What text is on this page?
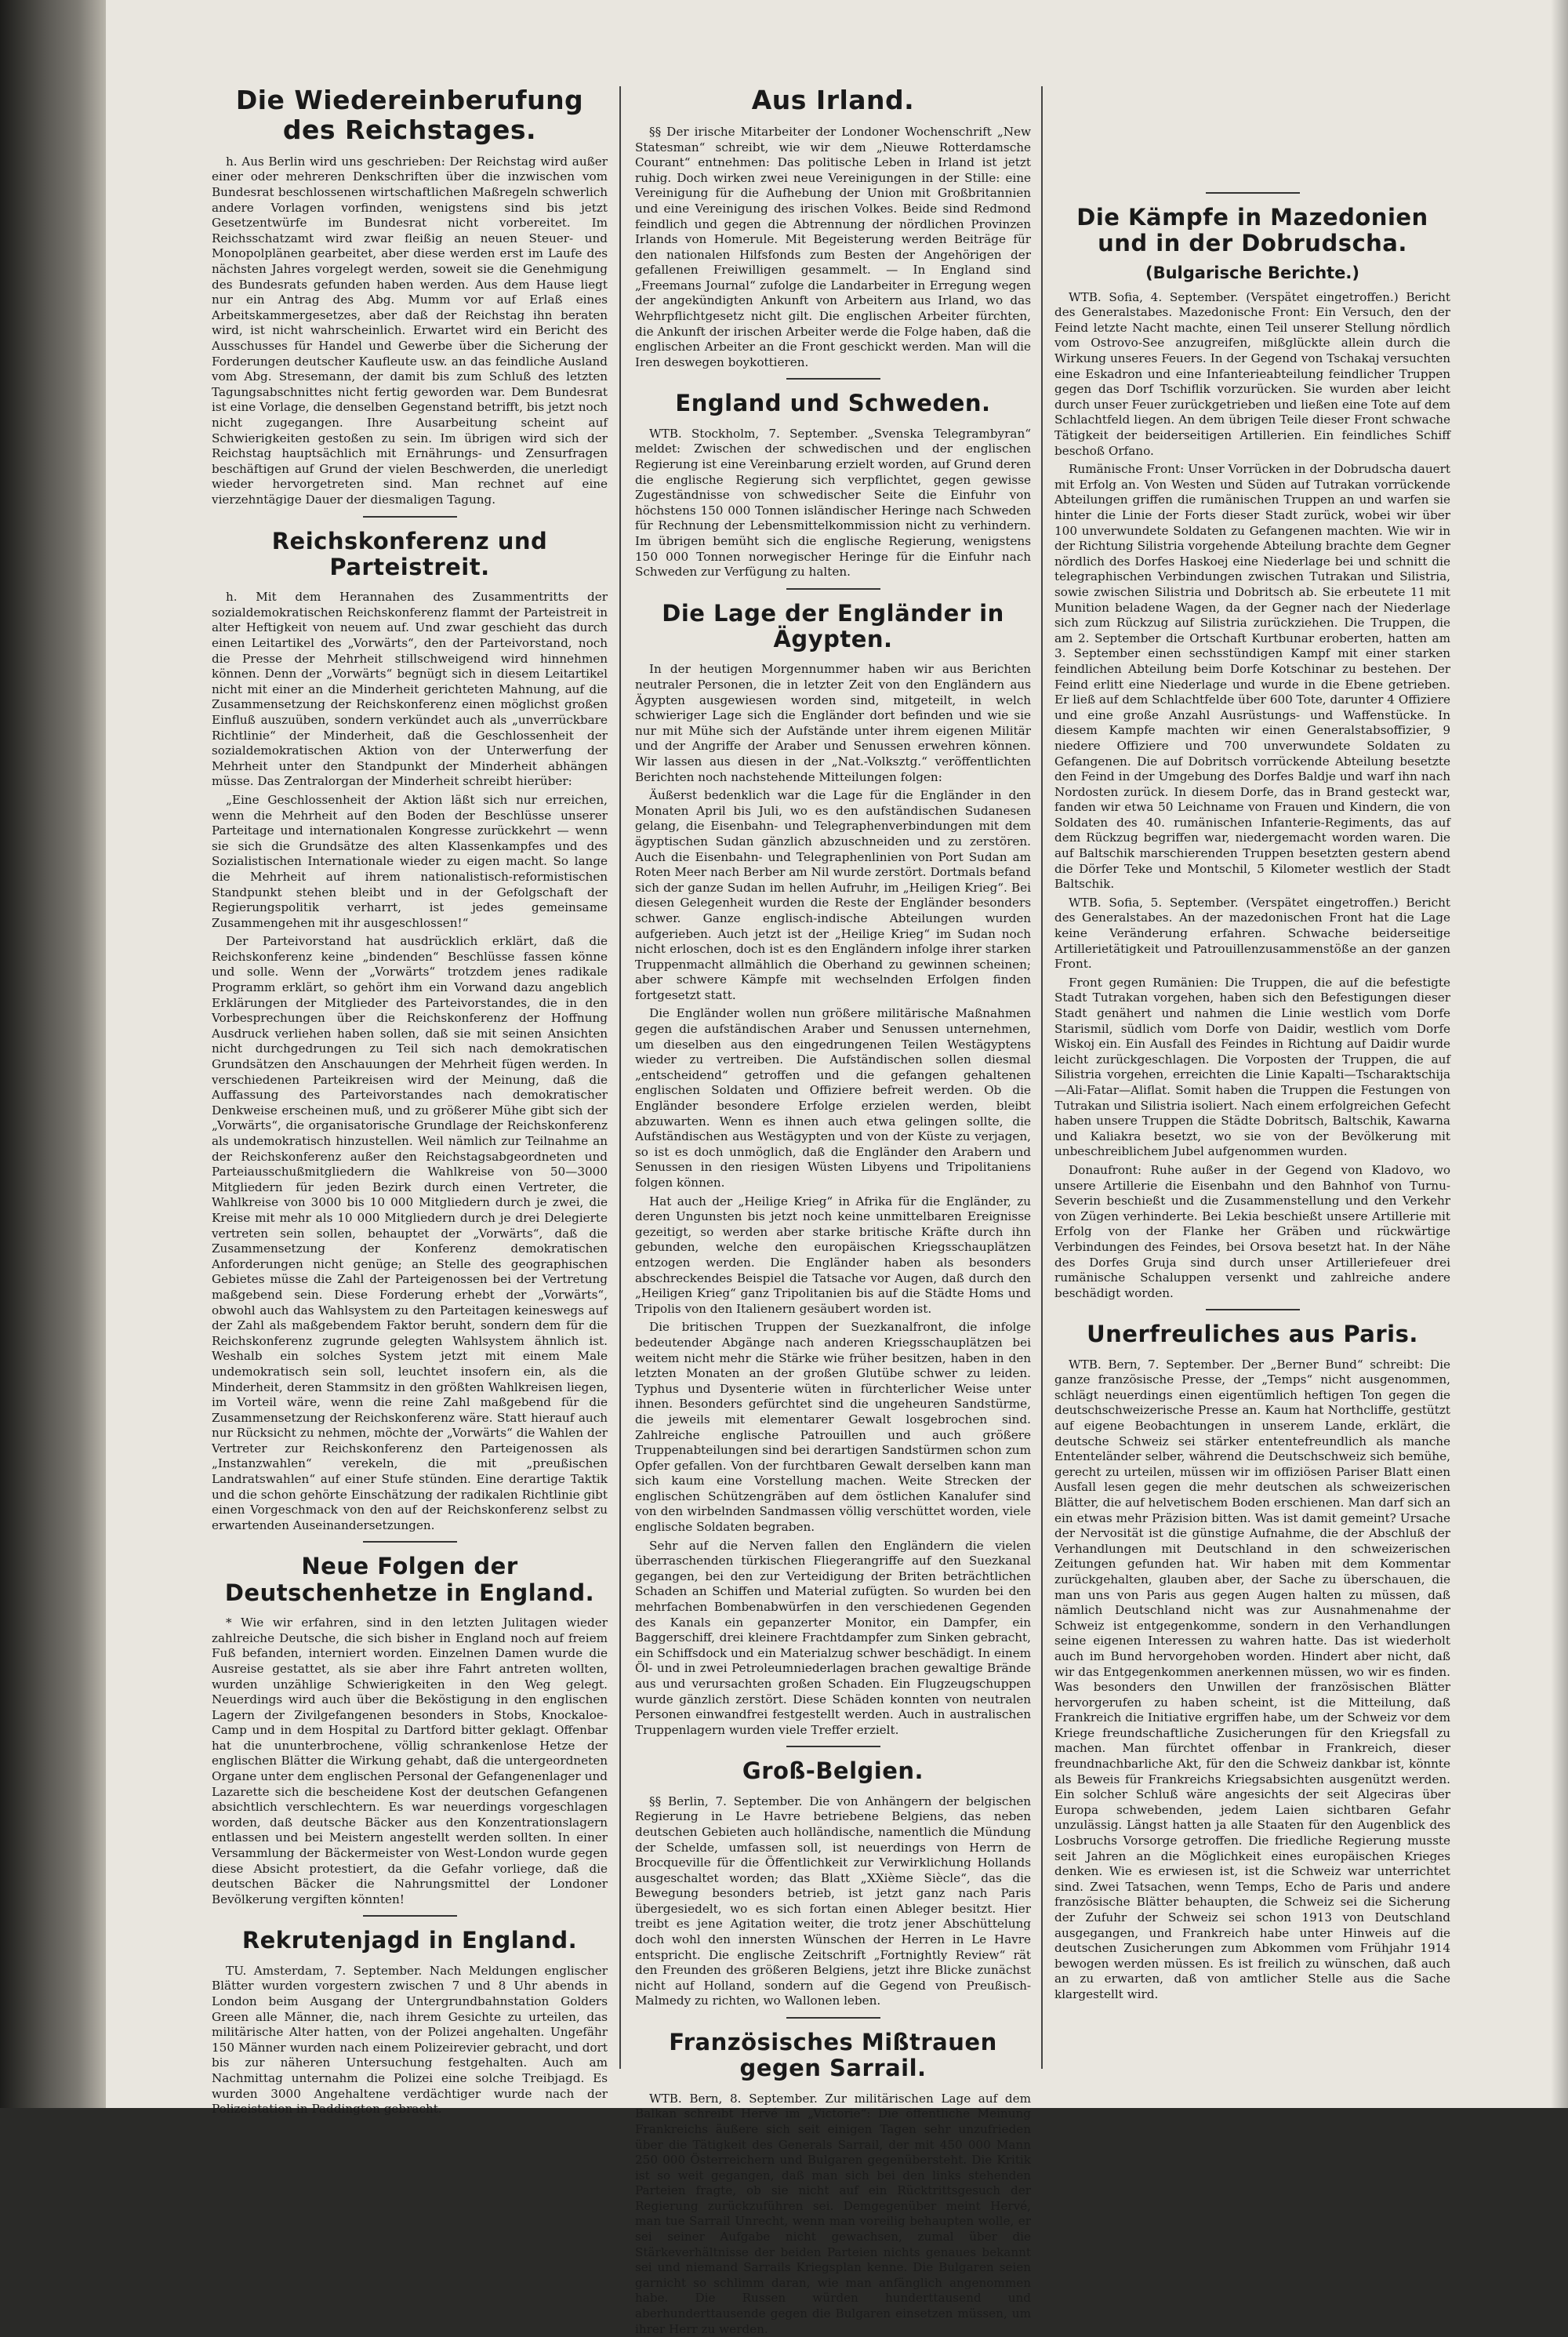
Die Wiedereinberufung des Reichstages.

h. Aus Berlin wird uns geschrieben: Der Reichstag wird außer einer oder mehreren Denkschriften über die inzwischen vom Bundesrat beschlossenen wirtschaftlichen Maßregeln schwerlich andere Vorlagen vorfinden, wenigstens sind bis jetzt Gesetzentwürfe im Bundesrat nicht vorbereitet. Im Reichsschatzamt wird zwar fleißig an neuen Steuer- und Monopolplänen gearbeitet, aber diese werden erst im Laufe des nächsten Jahres vorgelegt werden, soweit sie die Genehmigung des Bundesrats gefunden haben werden. Aus dem Hause liegt nur ein Antrag des Abg. Mumm vor auf Erlaß eines Arbeitskammergesetzes, aber daß der Reichstag ihn beraten wird, ist nicht wahrscheinlich. Erwartet wird ein Bericht des Ausschusses für Handel und Gewerbe über die Sicherung der Forderungen deutscher Kaufleute usw. an das feindliche Ausland vom Abg. Stresemann, der damit bis zum Schluß des letzten Tagungsabschnittes nicht fertig geworden war. Dem Bundesrat ist eine Vorlage, die denselben Gegenstand betrifft, bis jetzt noch nicht zugegangen. Ihre Ausarbeitung scheint auf Schwierigkeiten gestoßen zu sein. Im übrigen wird sich der Reichstag hauptsächlich mit Ernährungs- und Zensurfragen beschäftigen auf Grund der vielen Beschwerden, die unerledigt wieder hervorgetreten sind. Man rechnet auf eine vierzehntägige Dauer der diesmaligen Tagung.

Reichskonferenz und Parteistreit.

h. Mit dem Herannahen des Zusammentritts der sozialdemokratischen Reichskonferenz flammt der Parteistreit in alter Heftigkeit von neuem auf. Und zwar geschieht das durch einen Leitartikel des „Vorwärts“, den der Parteivorstand, noch die Presse der Mehrheit stillschweigend wird hinnehmen können. Denn der „Vorwärts“ begnügt sich in diesem Leitartikel nicht mit einer an die Minderheit gerichteten Mahnung, auf die Zusammensetzung der Reichskonferenz einen möglichst großen Einfluß auszuüben, sondern verkündet auch als „unverrückbare Richtlinie“ der Minderheit, daß die Geschlossenheit der sozialdemokratischen Aktion von der Unterwerfung der Mehrheit unter den Standpunkt der Minderheit abhängen müsse. Das Zentralorgan der Minderheit schreibt hierüber:

„Eine Geschlossenheit der Aktion läßt sich nur erreichen, wenn die Mehrheit auf den Boden der Beschlüsse unserer Parteitage und internationalen Kongresse zurückkehrt — wenn sie sich die Grundsätze des alten Klassenkampfes und des Sozialistischen Internationale wieder zu eigen macht. So lange die Mehrheit auf ihrem nationalistisch-reformistischen Standpunkt stehen bleibt und in der Gefolgschaft der Regierungspolitik verharrt, ist jedes gemeinsame Zusammengehen mit ihr ausgeschlossen!“

Der Parteivorstand hat ausdrücklich erklärt, daß die Reichskonferenz keine „bindenden“ Beschlüsse fassen könne und solle. Wenn der „Vorwärts“ trotzdem jenes radikale Programm erklärt, so gehört ihm ein Vorwand dazu angeblich Erklärungen der Mitglieder des Parteivorstandes, die in den Vorbesprechungen über die Reichskonferenz der Hoffnung Ausdruck verliehen haben sollen, daß sie mit seinen Ansichten nicht durchgedrungen zu Teil sich nach demokratischen Grundsätzen den Anschauungen der Mehrheit fügen werden. In verschiedenen Parteikreisen wird der Meinung, daß die Auffassung des Parteivorstandes nach demokratischer Denkweise erscheinen muß, und zu größerer Mühe gibt sich der „Vorwärts“, die organisatorische Grundlage der Reichskonferenz als undemokratisch hinzustellen. Weil nämlich zur Teilnahme an der Reichskonferenz außer den Reichstagsabgeordneten und Parteiausschußmitgliedern die Wahlkreise von 50—3000 Mitgliedern für jeden Bezirk durch einen Vertreter, die Wahlkreise von 3000 bis 10 000 Mitgliedern durch je zwei, die Kreise mit mehr als 10 000 Mitgliedern durch je drei Delegierte vertreten sein sollen, behauptet der „Vorwärts“, daß die Zusammensetzung der Konferenz demokratischen Anforderungen nicht genüge; an Stelle des geographischen Gebietes müsse die Zahl der Parteigenossen bei der Vertretung maßgebend sein. Diese Forderung erhebt der „Vorwärts“, obwohl auch das Wahlsystem zu den Parteitagen keineswegs auf der Zahl als maßgebendem Faktor beruht, sondern dem für die Reichskonferenz zugrunde gelegten Wahlsystem ähnlich ist. Weshalb ein solches System jetzt mit einem Male undemokratisch sein soll, leuchtet insofern ein, als die Minderheit, deren Stammsitz in den größten Wahlkreisen liegen, im Vorteil wäre, wenn die reine Zahl maßgebend für die Zusammensetzung der Reichskonferenz wäre. Statt hierauf auch nur Rücksicht zu nehmen, möchte der „Vorwärts“ die Wahlen der Vertreter zur Reichskonferenz den Parteigenossen als „Instanzwahlen“ verekeln, die mit „preußischen Landratswahlen“ auf einer Stufe stünden. Eine derartige Taktik und die schon gehörte Einschätzung der radikalen Richtlinie gibt einen Vorgeschmack von den auf der Reichskonferenz selbst zu erwartenden Auseinandersetzungen.

Neue Folgen der Deutschenhetze in England.

* Wie wir erfahren, sind in den letzten Julitagen wieder zahlreiche Deutsche, die sich bisher in England noch auf freiem Fuß befanden, interniert worden. Einzelnen Damen wurde die Ausreise gestattet, als sie aber ihre Fahrt antreten wollten, wurden unzählige Schwierigkeiten in den Weg gelegt. Neuerdings wird auch über die Beköstigung in den englischen Lagern der Zivilgefangenen besonders in Stobs, Knockaloe-Camp und in dem Hospital zu Dartford bitter geklagt. Offenbar hat die ununterbrochene, völlig schrankenlose Hetze der englischen Blätter die Wirkung gehabt, daß die untergeordneten Organe unter dem englischen Personal der Gefangenenlager und Lazarette sich die bescheidene Kost der deutschen Gefangenen absichtlich verschlechtern. Es war neuerdings vorgeschlagen worden, daß deutsche Bäcker aus den Konzentrationslagern entlassen und bei Meistern angestellt werden sollten. In einer Versammlung der Bäckermeister von West-London wurde gegen diese Absicht protestiert, da die Gefahr vorliege, daß die deutschen Bäcker die Nahrungsmittel der Londoner Bevölkerung vergiften könnten!

Rekrutenjagd in England.

TU. Amsterdam, 7. September. Nach Meldungen englischer Blätter wurden vorgestern zwischen 7 und 8 Uhr abends in London beim Ausgang der Untergrundbahnstation Golders Green alle Männer, die, nach ihrem Gesichte zu urteilen, das militärische Alter hatten, von der Polizei angehalten. Ungefähr 150 Männer wurden nach einem Polizeirevier gebracht, und dort bis zur näheren Untersuchung festgehalten. Auch am Nachmittag unternahm die Polizei eine solche Treibjagd. Es wurden 3000 Angehaltene verdächtiger wurde nach der Polizeistation in Paddington gebracht.

Aus Irland.

§§ Der irische Mitarbeiter der Londoner Wochenschrift „New Statesman“ schreibt, wie wir dem „Nieuwe Rotterdamsche Courant“ entnehmen: Das politische Leben in Irland ist jetzt ruhig. Doch wirken zwei neue Vereinigungen in der Stille: eine Vereinigung für die Aufhebung der Union mit Großbritannien und eine Vereinigung des irischen Volkes. Beide sind Redmond feindlich und gegen die Abtrennung der nördlichen Provinzen Irlands von Homerule. Mit Begeisterung werden Beiträge für den nationalen Hilfsfonds zum Besten der Angehörigen der gefallenen Freiwilligen gesammelt. — In England sind „Freemans Journal“ zufolge die Landarbeiter in Erregung wegen der angekündigten Ankunft von Arbeitern aus Irland, wo das Wehrpflichtgesetz nicht gilt. Die englischen Arbeiter fürchten, die Ankunft der irischen Arbeiter werde die Folge haben, daß die englischen Arbeiter an die Front geschickt werden. Man will die Iren deswegen boykottieren.

England und Schweden.

WTB. Stockholm, 7. September. „Svenska Telegrambyran“ meldet: Zwischen der schwedischen und der englischen Regierung ist eine Vereinbarung erzielt worden, auf Grund deren die englische Regierung sich verpflichtet, gegen gewisse Zugeständnisse von schwedischer Seite die Einfuhr von höchstens 150 000 Tonnen isländischer Heringe nach Schweden für Rechnung der Lebensmittelkommission nicht zu verhindern. Im übrigen bemüht sich die englische Regierung, wenigstens 150 000 Tonnen norwegischer Heringe für die Einfuhr nach Schweden zur Verfügung zu halten.

Die Lage der Engländer in Ägypten.

In der heutigen Morgennummer haben wir aus Berichten neutraler Personen, die in letzter Zeit von den Engländern aus Ägypten ausgewiesen worden sind, mitgeteilt, in welch schwieriger Lage sich die Engländer dort befinden und wie sie nur mit Mühe sich der Aufstände unter ihrem eigenen Militär und der Angriffe der Araber und Senussen erwehren können. Wir lassen aus diesen in der „Nat.-Volksztg.“ veröffentlichten Berichten noch nachstehende Mitteilungen folgen:

Äußerst bedenklich war die Lage für die Engländer in den Monaten April bis Juli, wo es den aufständischen Sudanesen gelang, die Eisenbahn- und Telegraphenverbindungen mit dem ägyptischen Sudan gänzlich abzuschneiden und zu zerstören. Auch die Eisenbahn- und Telegraphenlinien von Port Sudan am Roten Meer nach Berber am Nil wurde zerstört. Dortmals befand sich der ganze Sudan im hellen Aufruhr, im „Heiligen Krieg“. Bei diesen Gelegenheit wurden die Reste der Engländer besonders schwer. Ganze englisch-indische Abteilungen wurden aufgerieben. Auch jetzt ist der „Heilige Krieg“ im Sudan noch nicht erloschen, doch ist es den Engländern infolge ihrer starken Truppenmacht allmählich die Oberhand zu gewinnen scheinen; aber schwere Kämpfe mit wechselnden Erfolgen finden fortgesetzt statt.

Die Engländer wollen nun größere militärische Maßnahmen gegen die aufständischen Araber und Senussen unternehmen, um dieselben aus den eingedrungenen Teilen Westägyptens wieder zu vertreiben. Die Aufständischen sollen diesmal „entscheidend“ getroffen und die gefangen gehaltenen englischen Soldaten und Offiziere befreit werden. Ob die Engländer besondere Erfolge erzielen werden, bleibt abzuwarten. Wenn es ihnen auch etwa gelingen sollte, die Aufständischen aus Westägypten und von der Küste zu verjagen, so ist es doch unmöglich, daß die Engländer den Arabern und Senussen in den riesigen Wüsten Libyens und Tripolitaniens folgen können.

Hat auch der „Heilige Krieg“ in Afrika für die Engländer, zu deren Ungunsten bis jetzt noch keine unmittelbaren Ereignisse gezeitigt, so werden aber starke britische Kräfte durch ihn gebunden, welche den europäischen Kriegsschauplätzen entzogen werden. Die Engländer haben als besonders abschreckendes Beispiel die Tatsache vor Augen, daß durch den „Heiligen Krieg“ ganz Tripolitanien bis auf die Städte Homs und Tripolis von den Italienern gesäubert worden ist.

Die britischen Truppen der Suezkanalfront, die infolge bedeutender Abgänge nach anderen Kriegsschauplätzen bei weitem nicht mehr die Stärke wie früher besitzen, haben in den letzten Monaten an der großen Glutübe schwer zu leiden. Typhus und Dysenterie wüten in fürchterlicher Weise unter ihnen. Besonders gefürchtet sind die ungeheuren Sandstürme, die jeweils mit elementarer Gewalt losgebrochen sind. Zahlreiche englische Patrouillen und auch größere Truppenabteilungen sind bei derartigen Sandstürmen schon zum Opfer gefallen. Von der furchtbaren Gewalt derselben kann man sich kaum eine Vorstellung machen. Weite Strecken der englischen Schützengräben auf dem östlichen Kanalufer sind von den wirbelnden Sandmassen völlig verschüttet worden, viele englische Soldaten begraben.

Sehr auf die Nerven fallen den Engländern die vielen überraschenden türkischen Fliegerangriffe auf den Suezkanal gegangen, bei den zur Verteidigung der Briten beträchtlichen Schaden an Schiffen und Material zufügten. So wurden bei den mehrfachen Bombenabwürfen in den verschiedenen Gegenden des Kanals ein gepanzerter Monitor, ein Dampfer, ein Baggerschiff, drei kleinere Frachtdampfer zum Sinken gebracht, ein Schiffsdock und ein Materialzug schwer beschädigt. In einem Öl- und in zwei Petroleumniederlagen brachen gewaltige Brände aus und verursachten großen Schaden. Ein Flugzeugschuppen wurde gänzlich zerstört. Diese Schäden konnten von neutralen Personen einwandfrei festgestellt werden. Auch in australischen Truppenlagern wurden viele Treffer erzielt.

Groß-Belgien.

§§ Berlin, 7. September. Die von Anhängern der belgischen Regierung in Le Havre betriebene Belgiens, das neben deutschen Gebieten auch holländische, namentlich die Mündung der Schelde, umfassen soll, ist neuerdings von Herrn de Brocqueville für die Öffentlichkeit zur Verwirklichung Hollands ausgeschaltet worden; das Blatt „XXième Siècle“, das die Bewegung besonders betrieb, ist jetzt ganz nach Paris übergesiedelt, wo es sich fortan einen Ableger besitzt. Hier treibt es jene Agitation weiter, die trotz jener Abschüttelung doch wohl den innersten Wünschen der Herren in Le Havre entspricht. Die englische Zeitschrift „Fortnightly Review“ rät den Freunden des größeren Belgiens, jetzt ihre Blicke zunächst nicht auf Holland, sondern auf die Gegend von Preußisch-Malmedy zu richten, wo Wallonen leben.

Französisches Mißtrauen gegen Sarrail.

WTB. Bern, 8. September. Zur militärischen Lage auf dem Balkan schreibt Hervé im „Victorie“: Die öffentliche Meinung Frankreichs äußere sich seit einigen Tagen sehr unzufrieden über die Tätigkeit des Generals Sarrail, der mit 450 000 Mann 250 000 Österreichern und Bulgaren gegenübersteht. Die Kritik ist so weit gegangen, daß man sich bei den links stehenden Parteien fragte, ob sie nicht auf ein Rücktrittsgesuch der Regierung zurückzuführen sei. Demgegenüber meint Hervé, man tue Sarrail Unrecht, wenn man voreilig behaupten wolle, er sei seiner Aufgabe nicht gewachsen, zumal über die Stärkeverhältnisse der beiden Parteien nichts genaues bekannt sei und niemand Sarrails Kriegsplan kenne. Die Bulgaren seien garnicht so schlimm daran, wie man anfänglich angenommen habe. Die Russen würden hunderttausend und aberhunderttausende gegen die Bulgaren einsetzen müssen, um ihrer Herr zu werden.

Die Kämpfe in Mazedonien und in der Dobrudscha.
(Bulgarische Berichte.)

WTB. Sofia, 4. September. (Verspätet eingetroffen.) Bericht des Generalstabes. Mazedonische Front: Ein Versuch, den der Feind letzte Nacht machte, einen Teil unserer Stellung nördlich vom Ostrovo-See anzugreifen, mißglückte allein durch die Wirkung unseres Feuers. In der Gegend von Tschakaj versuchten eine Eskadron und eine Infanterieabteilung feindlicher Truppen gegen das Dorf Tschiflik vorzurücken. Sie wurden aber leicht durch unser Feuer zurückgetrieben und ließen eine Tote auf dem Schlachtfeld liegen. An dem übrigen Teile dieser Front schwache Tätigkeit der beiderseitigen Artillerien. Ein feindliches Schiff beschoß Orfano.

Rumänische Front: Unser Vorrücken in der Dobrudscha dauert mit Erfolg an. Von Westen und Süden auf Tutrakan vorrückende Abteilungen griffen die rumänischen Truppen an und warfen sie hinter die Linie der Forts dieser Stadt zurück, wobei wir über 100 unverwundete Soldaten zu Gefangenen machten. Wie wir in der Richtung Silistria vorgehende Abteilung brachte dem Gegner nördlich des Dorfes Haskoej eine Niederlage bei und schnitt die telegraphischen Verbindungen zwischen Tutrakan und Silistria, sowie zwischen Silistria und Dobritsch ab. Sie erbeutete 11 mit Munition beladene Wagen, da der Gegner nach der Niederlage sich zum Rückzug auf Silistria zurückziehen. Die Truppen, die am 2. September die Ortschaft Kurtbunar eroberten, hatten am 3. September einen sechsstündigen Kampf mit einer starken feindlichen Abteilung beim Dorfe Kotschinar zu bestehen. Der Feind erlitt eine Niederlage und wurde in die Ebene getrieben. Er ließ auf dem Schlachtfelde über 600 Tote, darunter 4 Offiziere und eine große Anzahl Ausrüstungs- und Waffenstücke. In diesem Kampfe machten wir einen Generalstabsoffizier, 9 niedere Offiziere und 700 unverwundete Soldaten zu Gefangenen. Die auf Dobritsch vorrückende Abteilung besetzte den Feind in der Umgebung des Dorfes Baldje und warf ihn nach Nordosten zurück. In diesem Dorfe, das in Brand gesteckt war, fanden wir etwa 50 Leichname von Frauen und Kindern, die von Soldaten des 40. rumänischen Infanterie-Regiments, das auf dem Rückzug begriffen war, niedergemacht worden waren. Die auf Baltschik marschierenden Truppen besetzten gestern abend die Dörfer Teke und Montschil, 5 Kilometer westlich der Stadt Baltschik.

WTB. Sofia, 5. September. (Verspätet eingetroffen.) Bericht des Generalstabes. An der mazedonischen Front hat die Lage keine Veränderung erfahren. Schwache beiderseitige Artillerietätigkeit und Patrouillenzusammenstöße an der ganzen Front.

Front gegen Rumänien: Die Truppen, die auf die befestigte Stadt Tutrakan vorgehen, haben sich den Befestigungen dieser Stadt genähert und nahmen die Linie westlich vom Dorfe Starismil, südlich vom Dorfe von Daidir, westlich vom Dorfe Wiskoj ein. Ein Ausfall des Feindes in Richtung auf Daidir wurde leicht zurückgeschlagen. Die Vorposten der Truppen, die auf Silistria vorgehen, erreichten die Linie Kapalti—Tscharaktschija—Ali-Fatar—Aliflat. Somit haben die Truppen die Festungen von Tutrakan und Silistria isoliert. Nach einem erfolgreichen Gefecht haben unsere Truppen die Städte Dobritsch, Baltschik, Kawarna und Kaliakra besetzt, wo sie von der Bevölkerung mit unbeschreiblichem Jubel aufgenommen wurden.

Donaufront: Ruhe außer in der Gegend von Kladovo, wo unsere Artillerie die Eisenbahn und den Bahnhof von Turnu-Severin beschießt und die Zusammenstellung und den Verkehr von Zügen verhinderte. Bei Lekia beschießt unsere Artillerie mit Erfolg von der Flanke her Gräben und rückwärtige Verbindungen des Feindes, bei Orsova besetzt hat. In der Nähe des Dorfes Gruja sind durch unser Artilleriefeuer drei rumänische Schaluppen versenkt und zahlreiche andere beschädigt worden.

Unerfreuliches aus Paris.

WTB. Bern, 7. September. Der „Berner Bund“ schreibt: Die ganze französische Presse, der „Temps“ nicht ausgenommen, schlägt neuerdings einen eigentümlich heftigen Ton gegen die deutschschweizerische Presse an. Kaum hat Northcliffe, gestützt auf eigene Beobachtungen in unserem Lande, erklärt, die deutsche Schweiz sei stärker ententefreundlich als manche Ententeländer selber, während die Deutschschweiz sich bemühe, gerecht zu urteilen, müssen wir im offiziösen Pariser Blatt einen Ausfall lesen gegen die mehr deutschen als schweizerischen Blätter, die auf helvetischem Boden erschienen. Man darf sich an ein etwas mehr Präzision bitten. Was ist damit gemeint? Ursache der Nervosität ist die günstige Aufnahme, die der Abschluß der Verhandlungen mit Deutschland in den schweizerischen Zeitungen gefunden hat. Wir haben mit dem Kommentar zurückgehalten, glauben aber, der Sache zu überschauen, die man uns von Paris aus gegen Augen halten zu müssen, daß nämlich Deutschland nicht was zur Ausnahmenahme der Schweiz ist entgegenkomme, sondern in den Verhandlungen seine eigenen Interessen zu wahren hatte. Das ist wiederholt auch im Bund hervorgehoben worden. Hindert aber nicht, daß wir das Entgegenkommen anerkennen müssen, wo wir es finden. Was besonders den Unwillen der französischen Blätter hervorgerufen zu haben scheint, ist die Mitteilung, daß Frankreich die Initiative ergriffen habe, um der Schweiz vor dem Kriege freundschaftliche Zusicherungen für den Kriegsfall zu machen. Man fürchtet offenbar in Frankreich, dieser freundnachbarliche Akt, für den die Schweiz dankbar ist, könnte als Beweis für Frankreichs Kriegsabsichten ausgenützt werden. Ein solcher Schluß wäre angesichts der seit Algeciras über Europa schwebenden, jedem Laien sichtbaren Gefahr unzulässig. Längst hatten ja alle Staaten für den Augenblick des Losbruchs Vorsorge getroffen. Die friedliche Regierung musste seit Jahren an die Möglichkeit eines europäischen Krieges denken. Wie es erwiesen ist, ist die Schweiz war unterrichtet sind. Zwei Tatsachen, wenn Temps, Echo de Paris und andere französische Blätter behaupten, die Schweiz sei die Sicherung der Zufuhr der Schweiz sei schon 1913 von Deutschland ausgegangen, und Frankreich habe unter Hinweis auf die deutschen Zusicherungen zum Abkommen vom Frühjahr 1914 bewogen werden müssen. Es ist freilich zu wünschen, daß auch an zu erwarten, daß von amtlicher Stelle aus die Sache klargestellt wird.
